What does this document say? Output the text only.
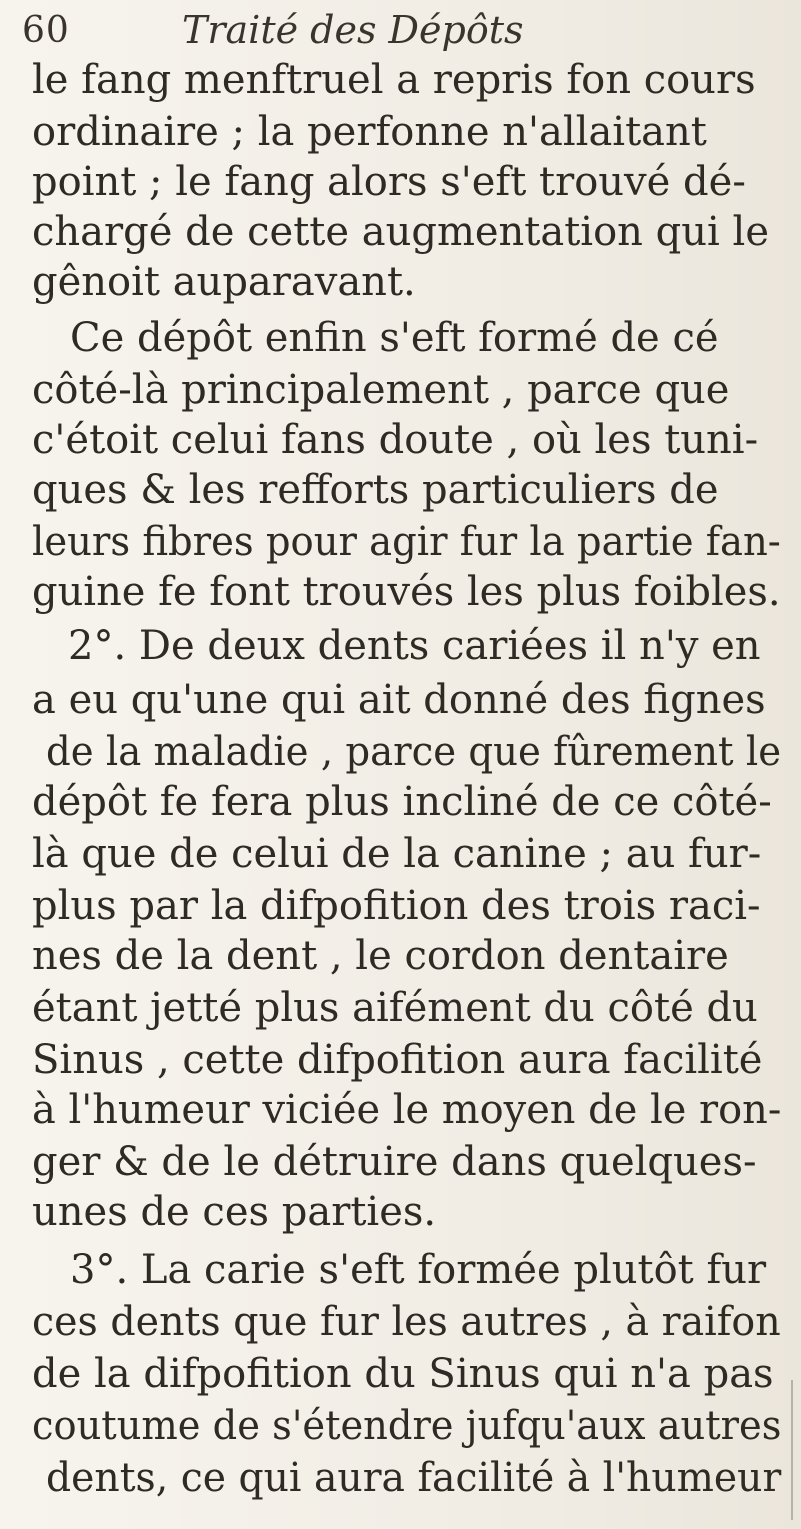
60	Traité des Dépôts
le fang menftruel a repris fon cours
ordinaire ; la perfonne n'allaitant
point ; le fang alors s'eft trouvé dé-
chargé de cette augmentation qui le
gênoit auparavant.
Ce dépôt enfin s'eft formé de cé
côté-là principalement , parce que
c'étoit celui fans doute , où les tuni-
ques & les refforts particuliers de
leurs fibres pour agir fur la partie fan-
guine fe font trouvés les plus foibles.
2°. De deux dents cariées il n'y en
a eu qu'une qui ait donné des fignes
de la maladie , parce que fûrement le
dépôt fe fera plus incliné de ce côté-
là que de celui de la canine ; au fur-
plus par la difpofition des trois raci-
nes de la dent , le cordon dentaire
étant jetté plus aifément du côté du
Sinus , cette difpofition aura facilité
à l'humeur viciée le moyen de le ron-
ger & de le détruire dans quelques-
unes de ces parties.
3°. La carie s'eft formée plutôt fur
ces dents que fur les autres , à raifon
de la difpofition du Sinus qui n'a pas
coutume de s'étendre jufqu'aux autres
dents, ce qui aura facilité à l'humeur
